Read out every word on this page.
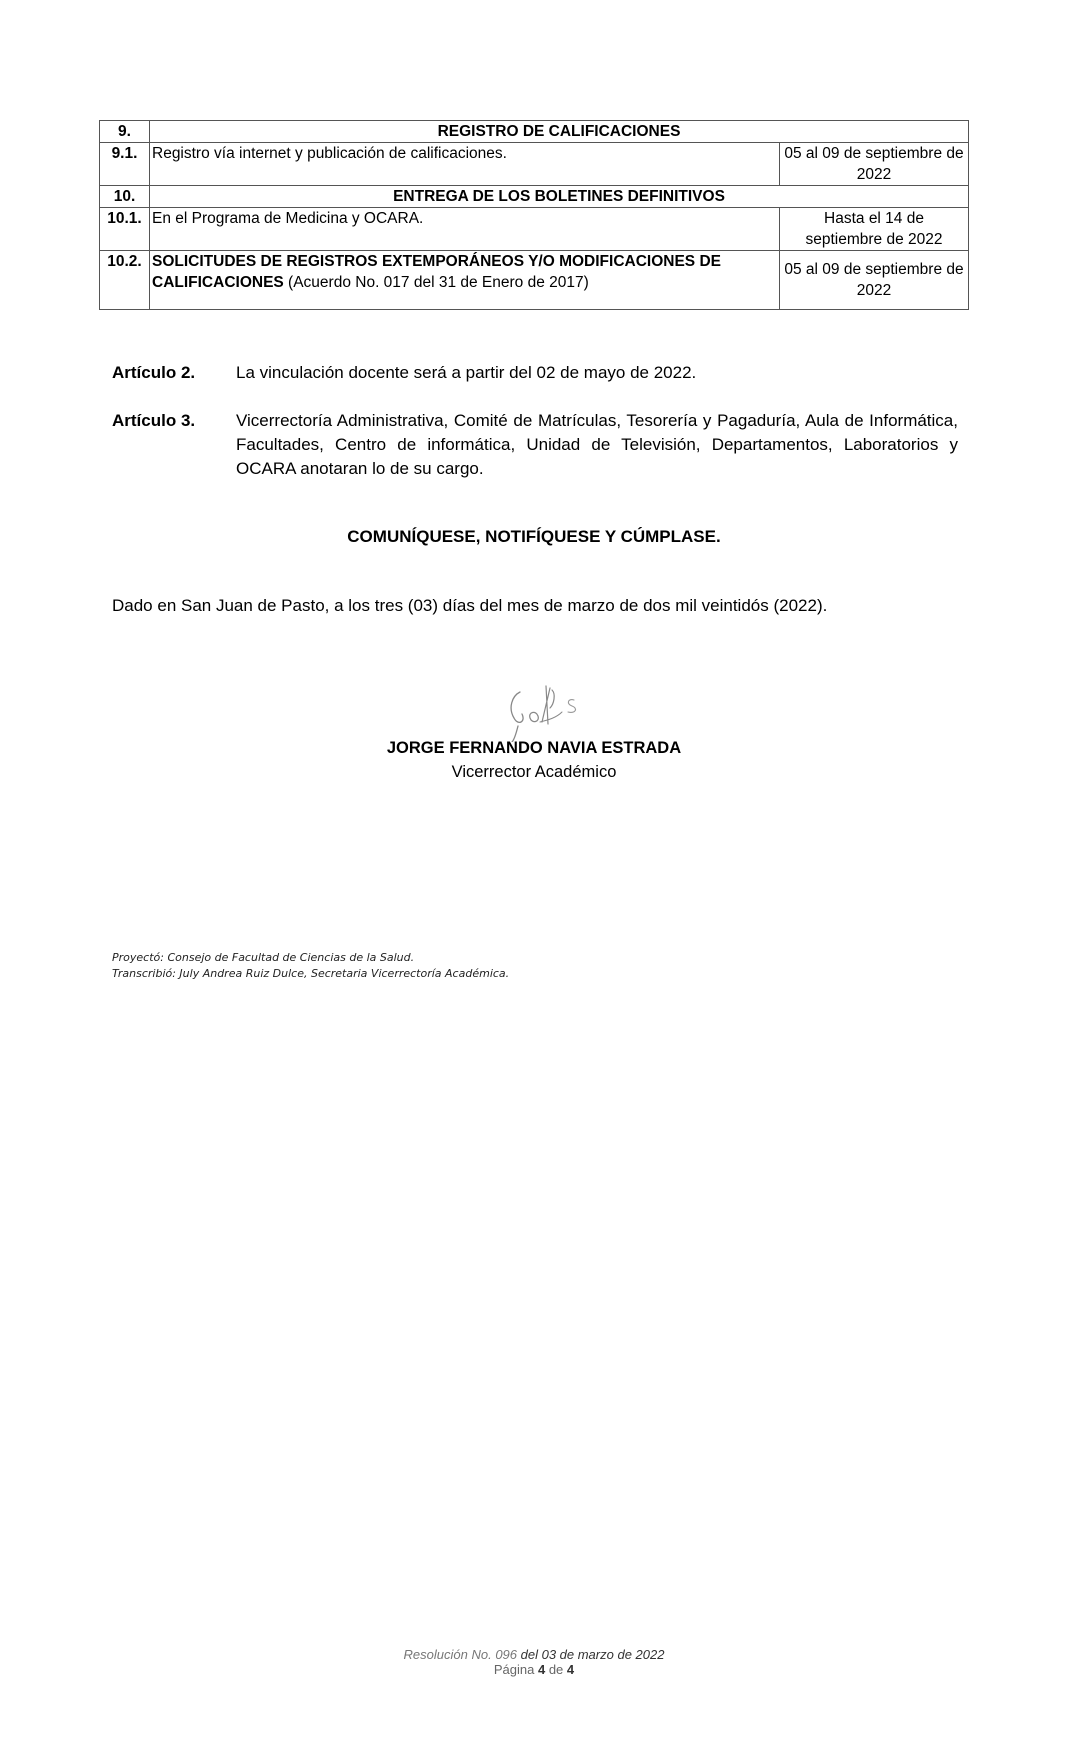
9.	REGISTRO DE CALIFICACIONES	
9.1.	Registro vía internet y publicación de calificaciones.	05 al 09 de septiembre de
2022
10.	ENTREGA DE LOS BOLETINES DEFINITIVOS	
10.1.	En el Programa de Medicina y OCARA.	Hasta el 14 de
septiembre de 2022
10.2.	SOLICITUDES DE REGISTROS EXTEMPORÁNEOS Y/O MODIFICACIONES DE CALIFICACIONES (Acuerdo No. 017 del 31 de Enero de 2017)	05 al 09 de septiembre de
2022
Artículo 2. La vinculación docente será a partir del 02 de mayo de 2022.
Artículo 3. Vicerrectoría Administrativa, Comité de Matrículas, Tesorería y Pagaduría, Aula de Informática, Facultades, Centro de informática, Unidad de Televisión, Departamentos, Laboratorios y OCARA anotaran lo de su cargo.
COMUNÍQUESE, NOTIFÍQUESE Y CÚMPLASE.
Dado en San Juan de Pasto, a los tres (03) días del mes de marzo de dos mil veintidós (2022).
JORGE FERNANDO NAVIA ESTRADA
Vicerrector Académico
Proyectó: Consejo de Facultad de Ciencias de la Salud.
Transcribió: July Andrea Ruiz Dulce, Secretaria Vicerrectoría Académica.
Resolución No. 096 del 03 de marzo de 2022
Página 4 de 4
